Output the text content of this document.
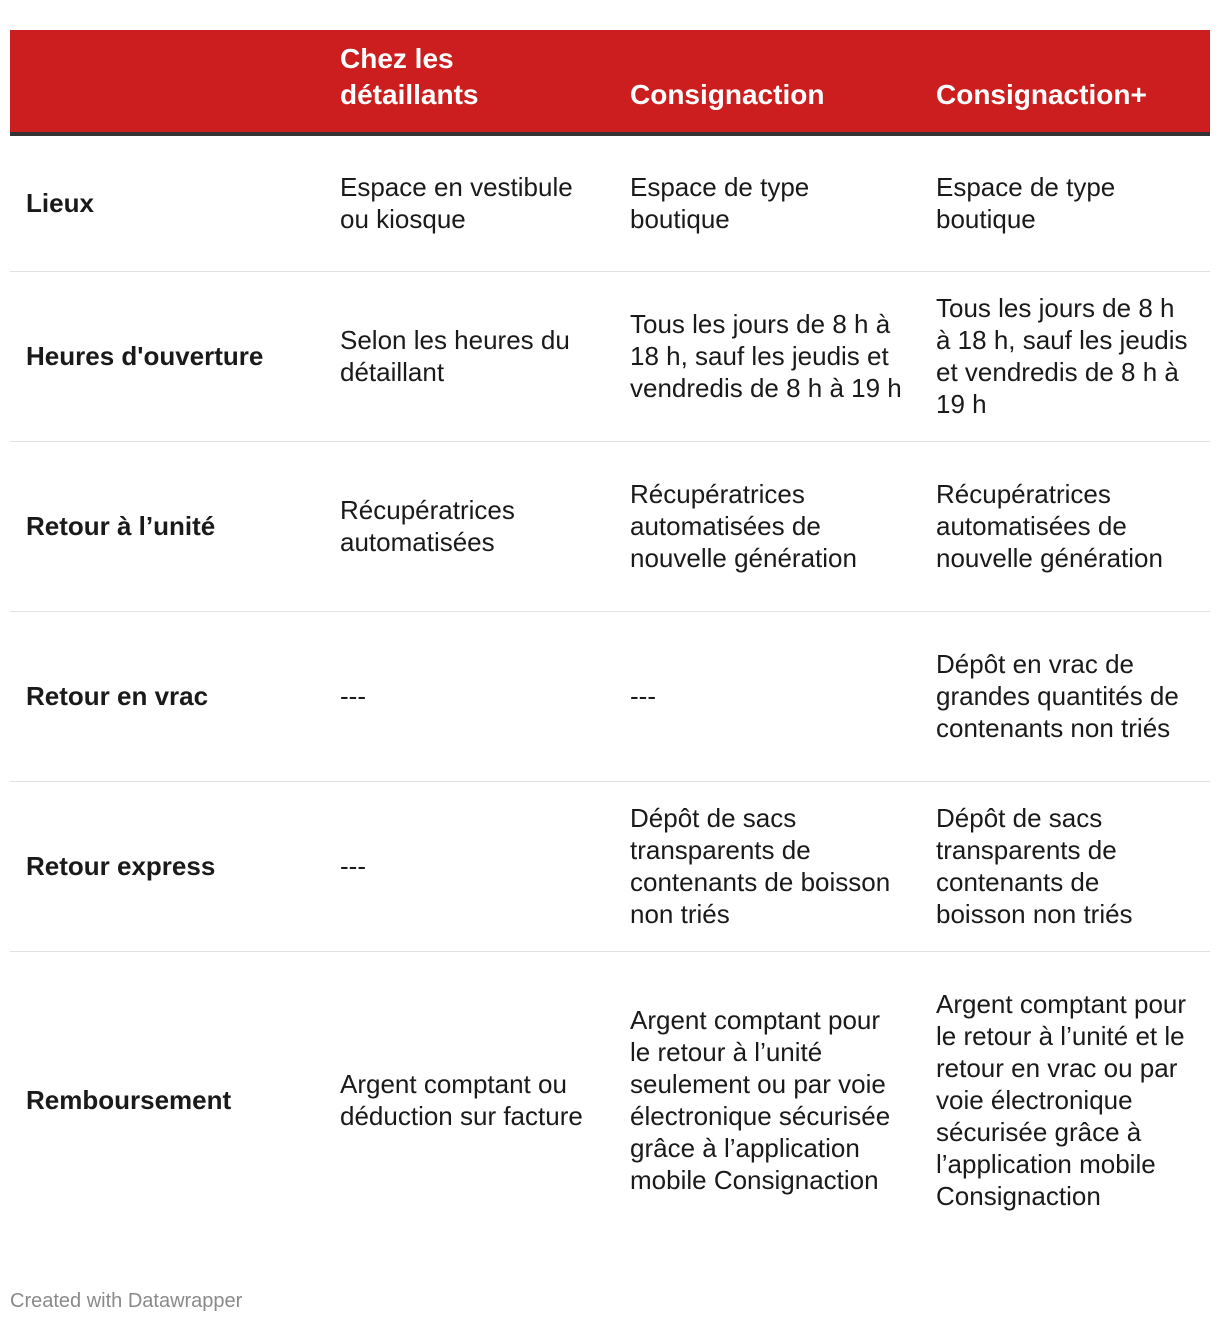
	Chez les détaillants	Consignaction	Consignaction+
Lieux	Espace en vestibule ou kiosque	Espace de type boutique	Espace de type boutique
Heures d'ouverture	Selon les heures du détaillant	Tous les jours de 8 h à 18 h, sauf les jeudis et vendredis de 8 h à 19 h	Tous les jours de 8 h à 18 h, sauf les jeudis et vendredis de 8 h à 19 h
Retour à l’unité	Récupératrices automatisées	Récupératrices automatisées de nouvelle génération	Récupératrices automatisées de nouvelle génération
Retour en vrac	---	---	Dépôt en vrac de grandes quantités de contenants non triés
Retour express	---	Dépôt de sacs transparents de contenants de boisson non triés	Dépôt de sacs transparents de contenants de boisson non triés
Remboursement	Argent comptant ou déduction sur facture	Argent comptant pour le retour à l’unité seulement ou par voie électronique sécurisée grâce à l’application mobile Consignaction	Argent comptant pour le retour à l’unité et le retour en vrac ou par voie électronique sécurisée grâce à l’application mobile Consignaction
Created with Datawrapper
